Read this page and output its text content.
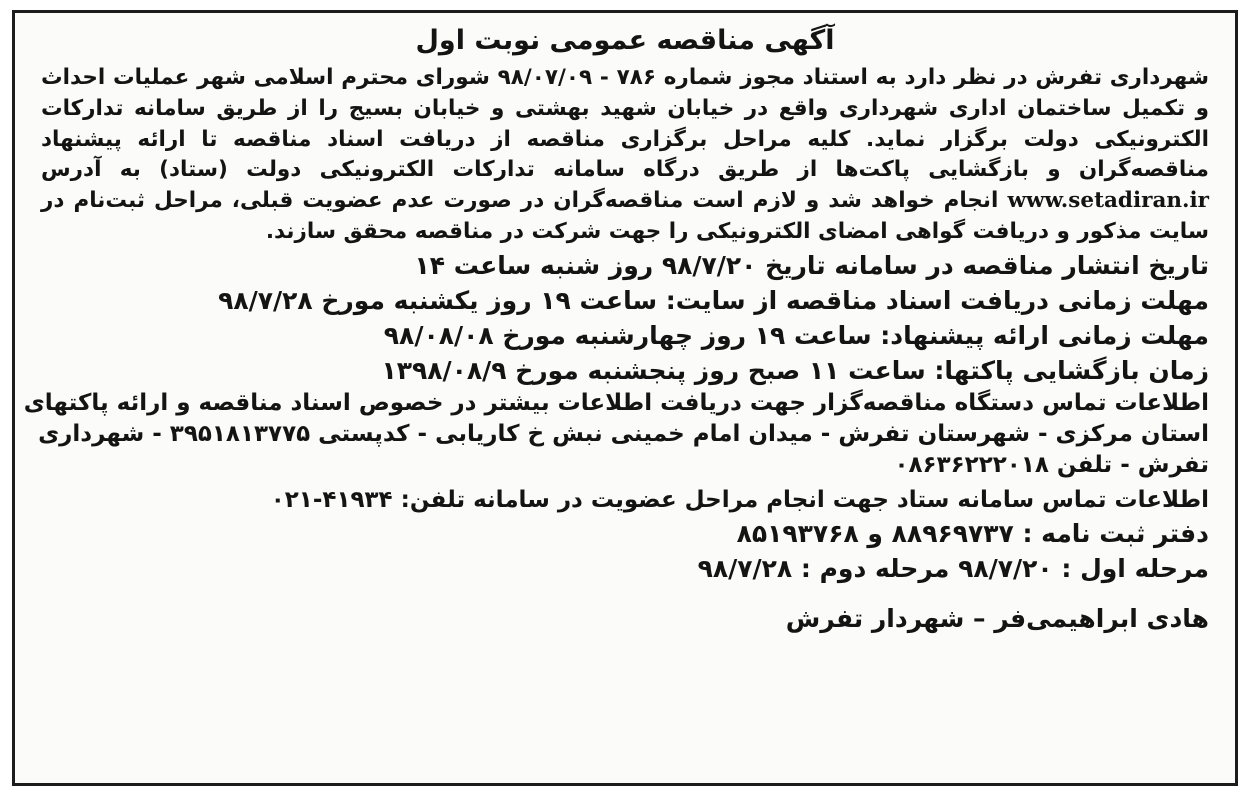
آگهی مناقصه عمومی نوبت اول

شهرداری تفرش در نظر دارد به استناد مجوز شماره ۷۸۶ - ۹۸/۰۷/۰۹ شورای محترم اسلامی شهر عملیات احداث و تکمیل ساختمان اداری شهرداری واقع در خیابان شهید بهشتی و خیابان بسیج را از طریق سامانه تدارکات الکترونیکی دولت برگزار نماید. کلیه مراحل برگزاری مناقصه از دریافت اسناد مناقصه تا ارائه پیشنهاد مناقصه‌گران و بازگشایی پاکت‌ها از طریق درگاه سامانه تدارکات الکترونیکی دولت (ستاد) به آدرس www.setadiran.ir انجام خواهد شد و لازم است مناقصه‌گران در صورت عدم عضویت قبلی، مراحل ثبت‌نام در سایت مذکور و دریافت گواهی امضای الکترونیکی را جهت شرکت در مناقصه محقق سازند.

تاریخ انتشار مناقصه در سامانه تاریخ ۹۸/۷/۲۰ روز شنبه ساعت ۱۴
مهلت زمانی دریافت اسناد مناقصه از سایت: ساعت ۱۹ روز یکشنبه مورخ ۹۸/۷/۲۸
مهلت زمانی ارائه پیشنهاد: ساعت ۱۹ روز چهارشنبه مورخ ۹۸/۰۸/۰۸
زمان بازگشایی پاکتها: ساعت ۱۱ صبح روز پنجشنبه مورخ ۱۳۹۸/۰۸/۹
اطلاعات تماس دستگاه مناقصه‌گزار جهت دریافت اطلاعات بیشتر در خصوص اسناد مناقصه و ارائه پاکتهای
استان مرکزی - شهرستان تفرش - میدان امام خمینی نبش خ کاریابی - کدپستی ۳۹۵۱۸۱۳۷۷۵ - شهرداری
تفرش - تلفن ۰۸۶۳۶۲۲۲۰۱۸
اطلاعات تماس سامانه ستاد جهت انجام مراحل عضویت در سامانه تلفن: ۴۱۹۳۴-۰۲۱
دفتر ثبت نامه : ۸۸۹۶۹۷۳۷ و ۸۵۱۹۳۷۶۸
مرحله اول : ۹۸/۷/۲۰ مرحله دوم : ۹۸/۷/۲۸
هادی ابراهیمی‌فر – شهردار تفرش
